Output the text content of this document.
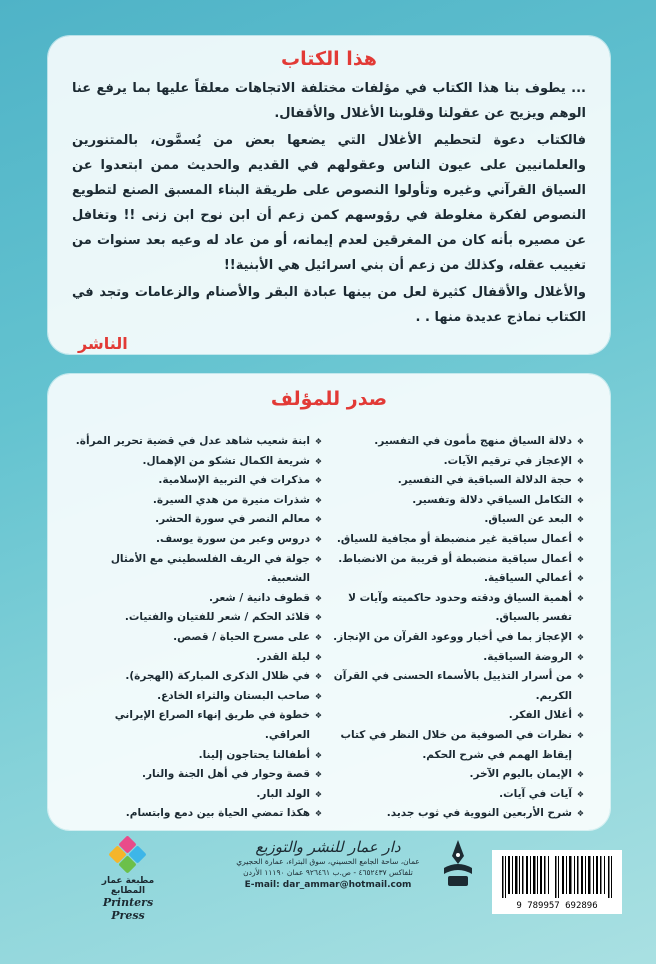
هذا الكتاب

... يطوف بنا هذا الكتاب في مؤلفات مختلفة الاتجاهات معلقاً عليها بما يرفع عنا الوهم ويزيح عن عقولنا وقلوبنا الأغلال والأقفال.

فالكتاب دعوة لتحطيم الأغلال التي يضعها بعض من يُسمَّون، بالمتنورين والعلمانيين على عيون الناس وعقولهم في القديم والحديث ممن ابتعدوا عن السياق القرآني وغيره وتأولوا النصوص على طريقة البناء المسبق الصنع لتطويع النصوص لفكرة مغلوطة في رؤوسهم كمن زعم أن ابن نوح ابن زنى !! وتغافل عن مصيره بأنه كان من المغرقين لعدم إيمانه، أو من عاد له وعيه بعد سنوات من تغييب عقله، وكذلك من زعم أن بني اسرائيل هي الأبنية!!

والأغلال والأقفال كثيرة لعل من بينها عبادة البقر والأصنام والزعامات وتجد في الكتاب نماذج عديدة منها . .

الناشر
صدر للمؤلف
❖ دلالة السياق منهج مأمون في التفسير.
❖ الإعجاز في ترقيم الآيات.
❖ حجة الدلالة السياقية في التفسير.
❖ التكامل السياقي دلالة وتفسير.
❖ البعد عن السياق.
❖ أعمال سياقية غير منضبطة أو مجافية للسياق.
❖ أعمال سياقية منضبطة أو قريبة من الانضباط.
❖ أعمالي السياقية.
❖ أهمية السياق ودقته وحدود حاكميته وآيات لا تفسر بالسياق.
❖ الإعجاز بما في أخبار ووعود القرآن من الإنجاز.
❖ الروضة السياقية.
❖ من أسرار التذييل بالأسماء الحسنى في القرآن الكريم.
❖ أغلال الفكر.
❖ نظرات في الصوفية من خلال النظر في كتاب إيقاظ الهمم في شرح الحكم.
❖ الإيمان باليوم الآخر.
❖ آيات في آيات.
❖ شرح الأربعين النووية في ثوب جديد.
❖ ابنة شعيب شاهد عدل في قضية تحرير المرأة.
❖ شريعة الكمال تشكو من الإهمال.
❖ مذكرات في التربية الإسلامية.
❖ شذرات منيرة من هدي السيرة.
❖ معالم النصر في سورة الحشر.
❖ دروس وعبر من سورة يوسف.
❖ جولة في الريف الفلسطيني مع الأمثال الشعبية.
❖ قطوف دانية / شعر.
❖ قلائد الحكم / شعر للفتيان والفتيات.
❖ على مسرح الحياة / قصص.
❖ ليلة القدر.
❖ في ظلال الذكرى المباركة (الهجرة).
❖ صاحب البستان والثراء الخادع.
❖ خطوة في طريق إنهاء الصراع الإيراني العراقي.
❖ أطفالنا يحتاجون إلينا.
❖ قصة وحوار في أهل الجنة والنار.
❖ الولد البار.
❖ هكذا تمضي الحياة بين دمع وابتسام.
مطبعة عمار المطابع
Printers Press
دار عمار للنشر والتوزيع
عمان، ساحة الجامع الحسيني، سوق البتراء، عمارة الحجيري
تلفاكس ٤٦٥٢٤٣٧ - ص.ب ٩٢٦٤٦١ عمان ١١١٩٠ الأردن
E-mail: dar_ammar@hotmail.com
9 789957 692896
